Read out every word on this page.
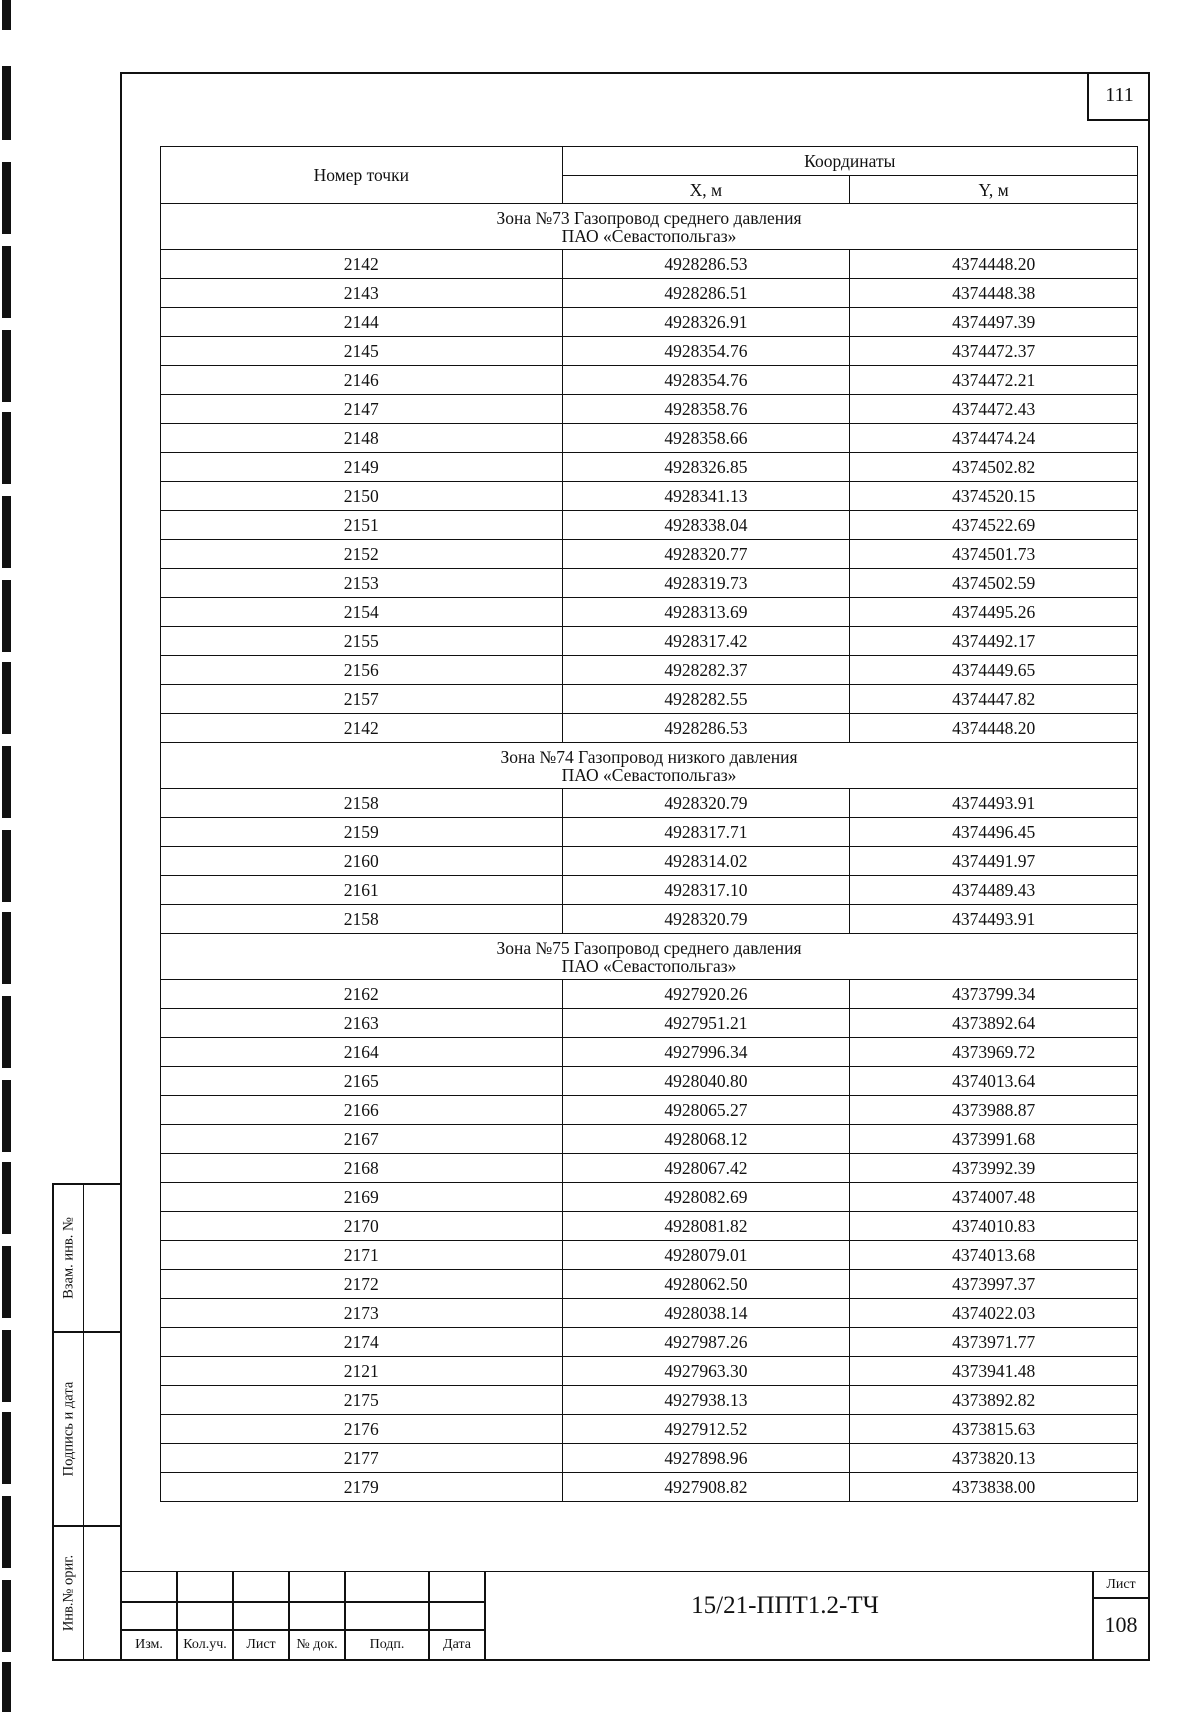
111
Номер точки	Координаты	
	X, м	Y, м

Зона №73 Газопровод среднего давления
ПАО «Севастопольгаз»		

2142	4928286.53	4374448.20
2143	4928286.51	4374448.38
2144	4928326.91	4374497.39
2145	4928354.76	4374472.37
2146	4928354.76	4374472.21
2147	4928358.76	4374472.43
2148	4928358.66	4374474.24
2149	4928326.85	4374502.82
2150	4928341.13	4374520.15
2151	4928338.04	4374522.69
2152	4928320.77	4374501.73
2153	4928319.73	4374502.59
2154	4928313.69	4374495.26
2155	4928317.42	4374492.17
2156	4928282.37	4374449.65
2157	4928282.55	4374447.82
2142	4928286.53	4374448.20

Зона №74 Газопровод низкого давления
ПАО «Севастопольгаз»		

2158	4928320.79	4374493.91
2159	4928317.71	4374496.45
2160	4928314.02	4374491.97
2161	4928317.10	4374489.43
2158	4928320.79	4374493.91

Зона №75 Газопровод среднего давления
ПАО «Севастопольгаз»		

2162	4927920.26	4373799.34
2163	4927951.21	4373892.64
2164	4927996.34	4373969.72
2165	4928040.80	4374013.64
2166	4928065.27	4373988.87
2167	4928068.12	4373991.68
2168	4928067.42	4373992.39
2169	4928082.69	4374007.48
2170	4928081.82	4374010.83
2171	4928079.01	4374013.68
2172	4928062.50	4373997.37
2173	4928038.14	4374022.03
2174	4927987.26	4373971.77
2121	4927963.30	4373941.48
2175	4927938.13	4373892.82
2176	4927912.52	4373815.63
2177	4927898.96	4373820.13
2179	4927908.82	4373838.00
Взам. инв. №
Подпись и дата
Инв.№ ориг.
Изм.	Кол.уч.	Лист	№ док.	Подп.	Дата
15/21-ППТ1.2-ТЧ
Лист
108
